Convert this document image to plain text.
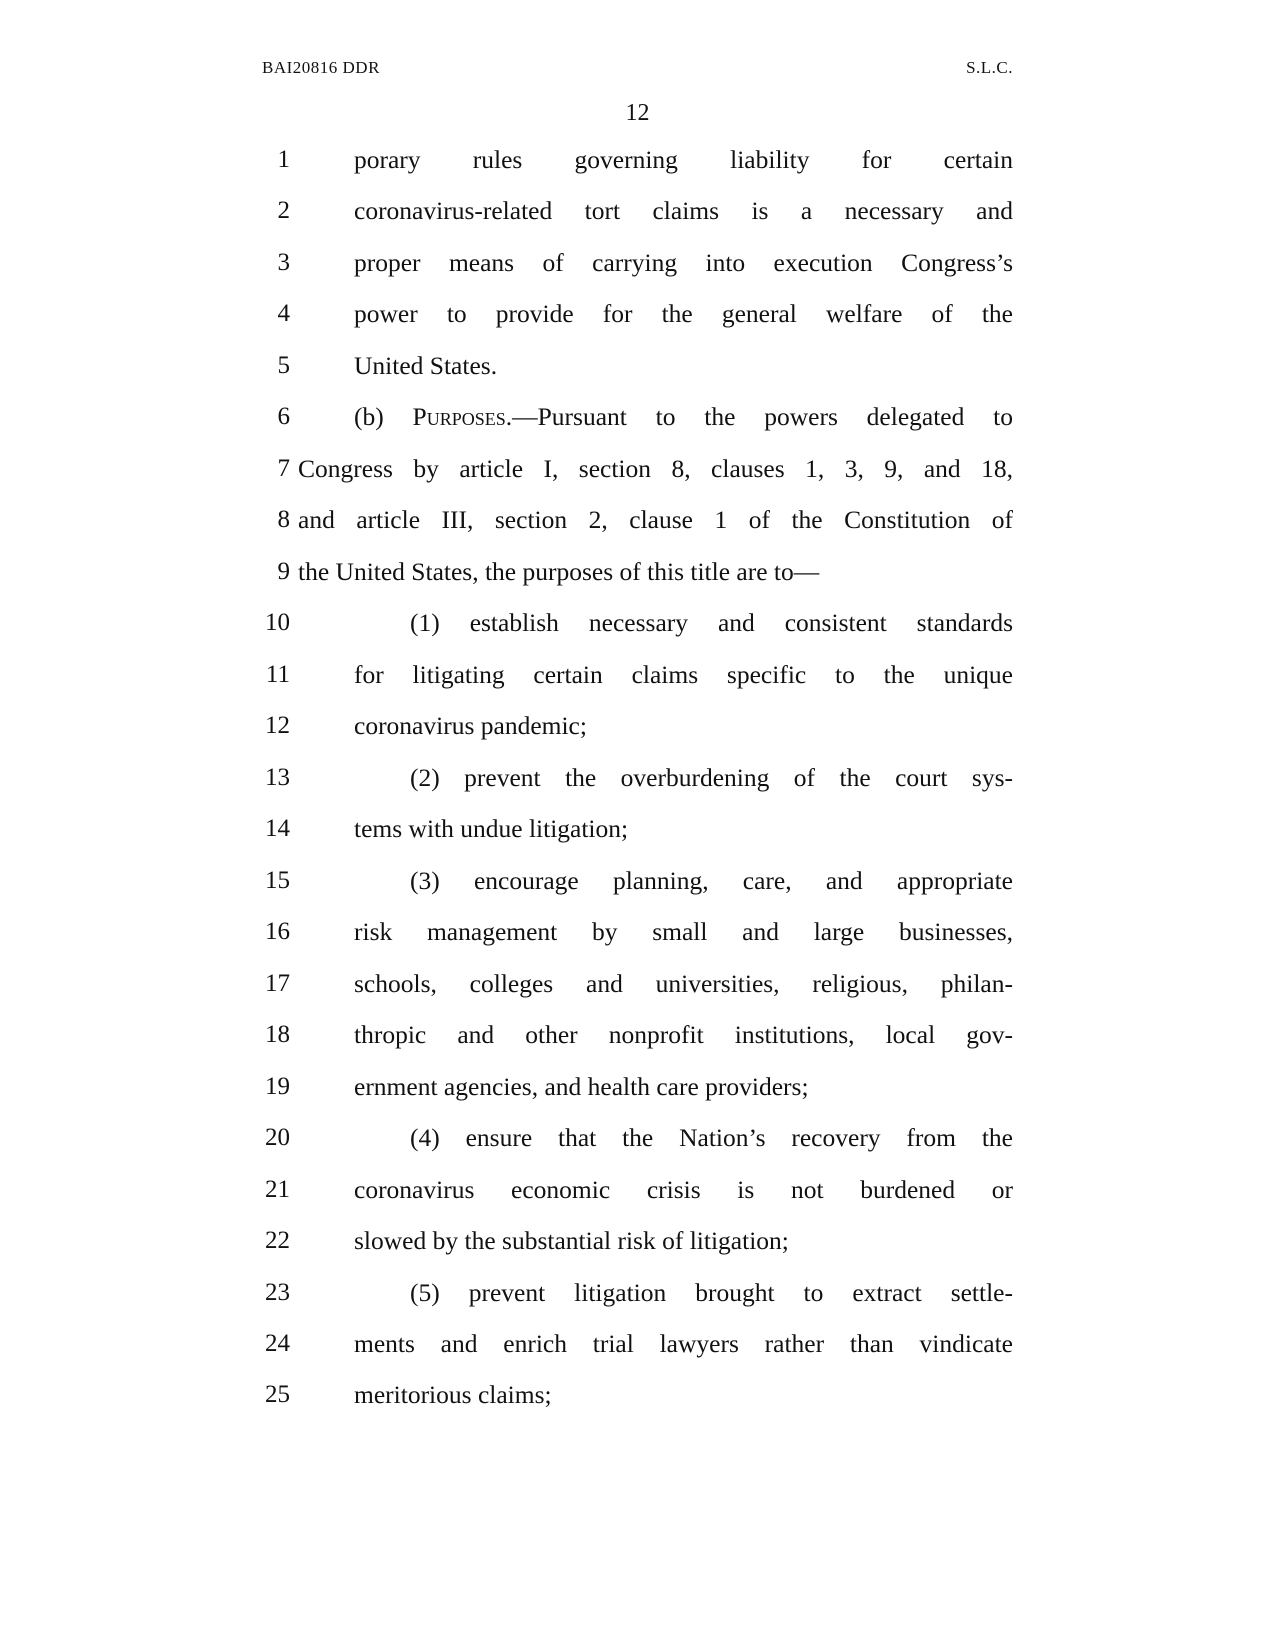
BAI20816 DDR	S.L.C.
12
1	porary rules governing liability for certain
2	coronavirus-related tort claims is a necessary and
3	proper means of carrying into execution Congress’s
4	power to provide for the general welfare of the
5	United States.
6	(b) Purposes.—Pursuant to the powers delegated to
7 Congress by article I, section 8, clauses 1, 3, 9, and 18,
8 and article III, section 2, clause 1 of the Constitution of
9 the United States, the purposes of this title are to—
10	(1) establish necessary and consistent standards
11	for litigating certain claims specific to the unique
12	coronavirus pandemic;
13	(2) prevent the overburdening of the court sys-
14	tems with undue litigation;
15	(3) encourage planning, care, and appropriate
16	risk management by small and large businesses,
17	schools, colleges and universities, religious, philan-
18	thropic and other nonprofit institutions, local gov-
19	ernment agencies, and health care providers;
20	(4) ensure that the Nation’s recovery from the
21	coronavirus economic crisis is not burdened or
22	slowed by the substantial risk of litigation;
23	(5) prevent litigation brought to extract settle-
24	ments and enrich trial lawyers rather than vindicate
25	meritorious claims;
